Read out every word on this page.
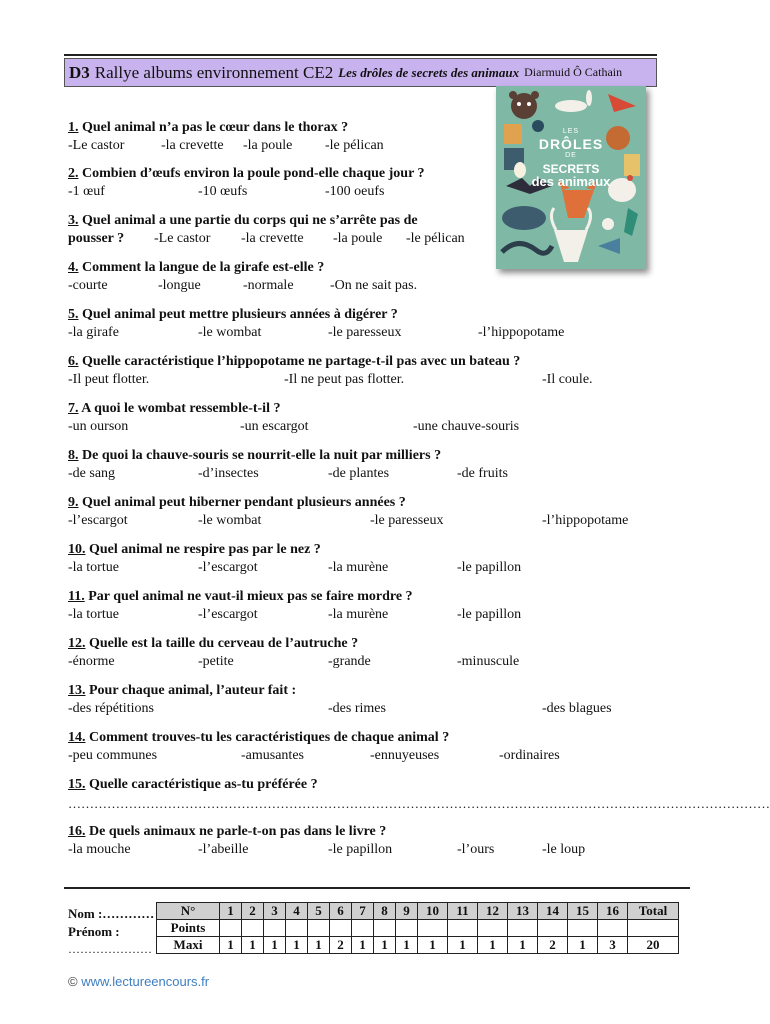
D3 Rallye albums environnement CE2 Les drôles de secrets des animaux Diarmuid Ô Cathain
LES
DRÔLES
DE
SECRETS
des animaux
1. Quel animal n’a pas le cœur dans le thorax ?
-Le castor	-la crevette -la poule -le pélican
2. Combien d’œufs environ la poule pond-elle chaque jour ?
-1 œuf	-10 œufs	-100 oeufs
3. Quel animal a une partie du corps qui ne s’arrête pas de
pousser ? -Le castor -la crevette -la poule -le pélican
4. Comment la langue de la girafe est-elle ?
-courte	-longue	-normale	-On ne sait pas.
5. Quel animal peut mettre plusieurs années à digérer ?
-la girafe	-le wombat	-le paresseux	-l’hippopotame
6. Quelle caractéristique l’hippopotame ne partage-t-il pas avec un bateau ?
-Il peut flotter.	-Il ne peut pas flotter.	-Il coule.
7. A quoi le wombat ressemble-t-il ?
-un ourson	-un escargot	-une chauve-souris
8. De quoi la chauve-souris se nourrit-elle la nuit par milliers ?
-de sang	-d’insectes	-de plantes	-de fruits
9. Quel animal peut hiberner pendant plusieurs années ?
-l’escargot	-le wombat	-le paresseux	-l’hippopotame
10. Quel animal ne respire pas par le nez ?
-la tortue	-l’escargot	-la murène	-le papillon
11. Par quel animal ne vaut-il mieux pas se faire mordre ?
-la tortue	-l’escargot	-la murène	-le papillon
12. Quelle est la taille du cerveau de l’autruche ?
-énorme	-petite	-grande	-minuscule
13. Pour chaque animal, l’auteur fait :
-des répétitions	-des rimes	-des blagues
14. Comment trouves-tu les caractéristiques de chaque animal ?
-peu communes	-amusantes	-ennuyeuses	-ordinaires
15. Quelle caractéristique as-tu préférée ?
………………………………………………………………………………………………………………………………………………
16. De quels animaux ne parle-t-on pas dans le livre ?
-la mouche	-l’abeille	-le papillon	-l’ours	-le loup
Nom :…………
Prénom :
…………………
N°	1	2	3	4	5	6	7	8	9	10	11	12	13	14	15	16	Total
Points																	
Maxi	1	1	1	1	1	2	1	1	1	1	1	1	1	2	1	3	20
© www.lectureencours.fr
